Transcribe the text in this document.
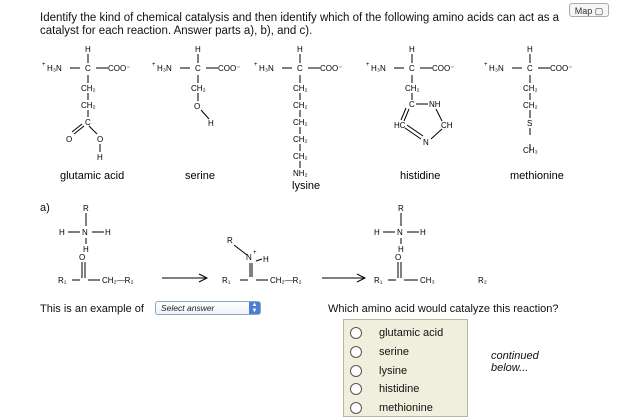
Identify the kind of chemical catalysis and then identify which of the following amino acids can act as a catalyst for each reaction. Answer parts a), b), and c).
Map ▢
H
+ H₃N	C COO⁻
CH₂
CH₂
C
O	O
H
H
+ H₃N	C COO⁻
CH₂
O
H
H
+ H₃N	C COO⁻
CH₂
CH₂
CH₂
CH₂
CH₂
NH₂
H
+ H₃N	C COO⁻
CH₂
C NH
HC	CH
N
H
+ H₃N	C COO⁻
CH₂
CH₂
S
CH₃
R
H N H
H
O
R₁	CH₂—R₂
R
N +
H
R₁	CH₂—R₂
R
H N H
H
O
R₁	CH₃	R₂
glutamic acid	serine	histidine	methionine
lysine
a)
This is an example of	Select answer	▲
▼	Which amino acid would catalyze this reaction?
glutamic acid
serine
lysine
histidine
methionine
continued below...
